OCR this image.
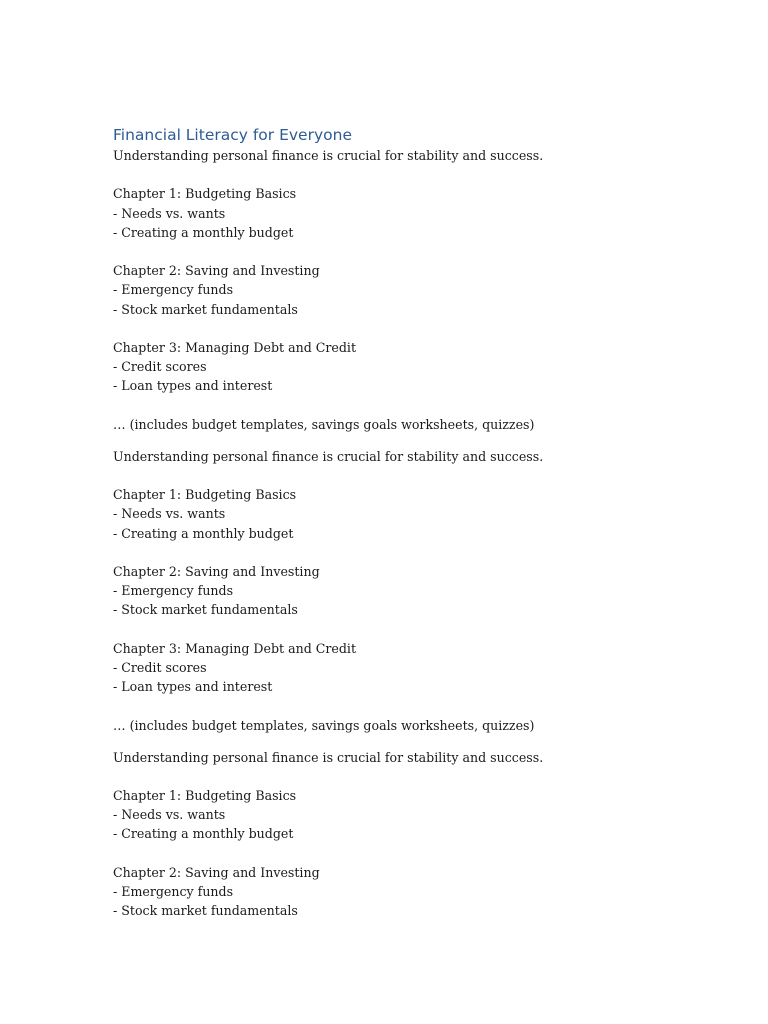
Financial Literacy for Everyone

Understanding personal finance is crucial for stability and success.

Chapter 1: Budgeting Basics

- Needs vs. wants

- Creating a monthly budget

Chapter 2: Saving and Investing

- Emergency funds

- Stock market fundamentals

Chapter 3: Managing Debt and Credit

- Credit scores

- Loan types and interest

… (includes budget templates, savings goals worksheets, quizzes)

Understanding personal finance is crucial for stability and success.

Chapter 1: Budgeting Basics

- Needs vs. wants

- Creating a monthly budget

Chapter 2: Saving and Investing

- Emergency funds

- Stock market fundamentals

Chapter 3: Managing Debt and Credit

- Credit scores

- Loan types and interest

… (includes budget templates, savings goals worksheets, quizzes)

Understanding personal finance is crucial for stability and success.

Chapter 1: Budgeting Basics

- Needs vs. wants

- Creating a monthly budget

Chapter 2: Saving and Investing

- Emergency funds

- Stock market fundamentals
